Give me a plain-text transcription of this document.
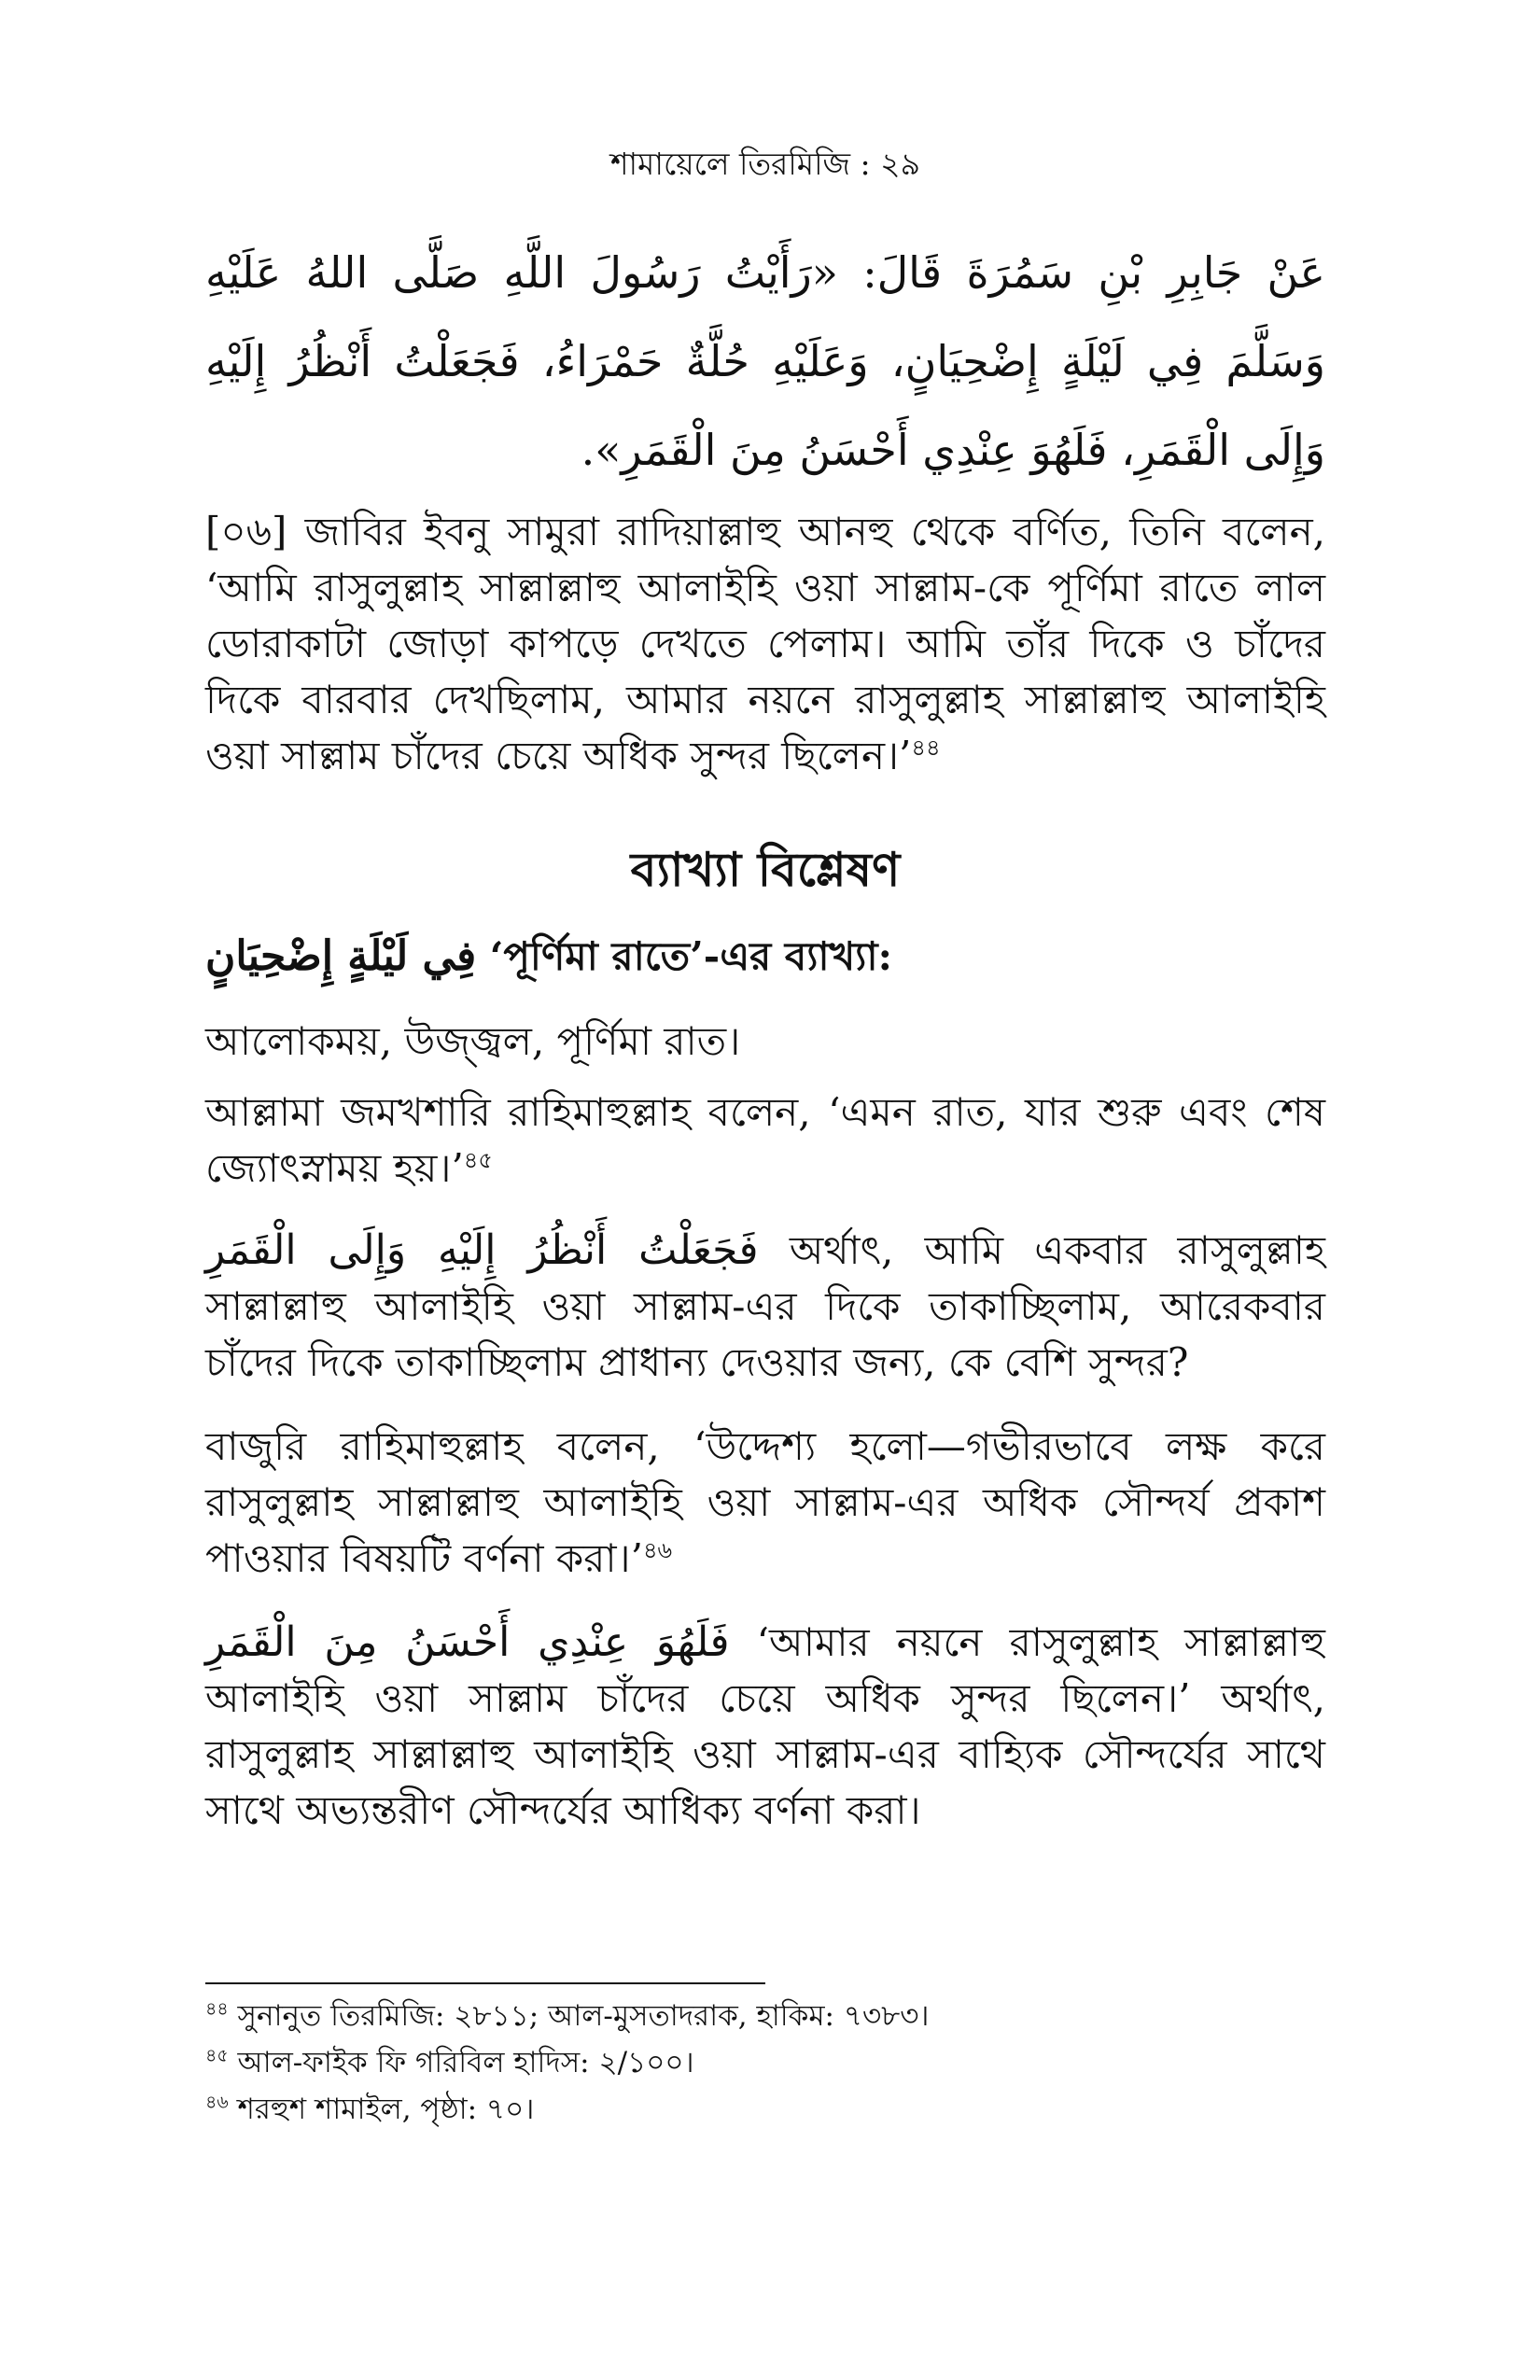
শামায়েলে তিরমিজি : ২৯
عَنْ جَابِرِ بْنِ سَمُرَةَ قَالَ: «رَأَيْتُ رَسُولَ اللَّهِ صَلَّى اللهُ عَلَيْهِ وَسَلَّمَ فِي لَيْلَةٍ إِضْحِيَانٍ، وَعَلَيْهِ حُلَّةٌ حَمْرَاءُ، فَجَعَلْتُ أَنْظُرُ إِلَيْهِ وَإِلَى الْقَمَرِ، فَلَهُوَ عِنْدِي أَحْسَنُ مِنَ الْقَمَرِ».

[০৬] জাবির ইবনু সামুরা রাদিয়াল্লাহু আনহু থেকে বর্ণিত, তিনি বলেন, ‘আমি রাসুলুল্লাহ সাল্লাল্লাহু আলাইহি ওয়া সাল্লাম-কে পূর্ণিমা রাতে লাল ডোরাকাটা জোড়া কাপড়ে দেখতে পেলাম। আমি তাঁর দিকে ও চাঁদের দিকে বারবার দেখছিলাম, আমার নয়নে রাসুলুল্লাহ সাল্লাল্লাহু আলাইহি ওয়া সাল্লাম চাঁদের চেয়ে অধিক সুন্দর ছিলেন।’$^{৪৪}$

ব্যাখ্যা বিশ্লেষণ
فِي لَيْلَةٍ إِضْحِيَانٍ ‘পূর্ণিমা রাতে’-এর ব্যাখ্যা:

আলোকময়, উজ্জ্বল, পূর্ণিমা রাত।

আল্লামা জমখশারি রাহিমাহুল্লাহ বলেন, ‘এমন রাত, যার শুরু এবং শেষ জ্যোৎস্নাময় হয়।’$^{৪৫}$

فَجَعَلْتُ أَنْظُرُ إِلَيْهِ وَإِلَى الْقَمَرِ অর্থাৎ, আমি একবার রাসুলুল্লাহ সাল্লাল্লাহু আলাইহি ওয়া সাল্লাম-এর দিকে তাকাচ্ছিলাম, আরেকবার চাঁদের দিকে তাকাচ্ছিলাম প্রাধান্য দেওয়ার জন্য, কে বেশি সুন্দর?

বাজুরি রাহিমাহুল্লাহ বলেন, ‘উদ্দেশ্য হলো—গভীরভাবে লক্ষ করে রাসুলুল্লাহ সাল্লাল্লাহু আলাইহি ওয়া সাল্লাম-এর অধিক সৌন্দর্য প্রকাশ পাওয়ার বিষয়টি বর্ণনা করা।’$^{৪৬}$

فَلَهُوَ عِنْدِي أَحْسَنُ مِنَ الْقَمَرِ ‘আমার নয়নে রাসুলুল্লাহ সাল্লাল্লাহু আলাইহি ওয়া সাল্লাম চাঁদের চেয়ে অধিক সুন্দর ছিলেন।’ অর্থাৎ, রাসুলুল্লাহ সাল্লাল্লাহু আলাইহি ওয়া সাল্লাম-এর বাহ্যিক সৌন্দর্যের সাথে সাথে অভ্যন্তরীণ সৌন্দর্যের আধিক্য বর্ণনা করা।

$^{৪৪}$ সুনানুত তিরমিজি: ২৮১১; আল-মুসতাদরাক, হাকিম: ৭৩৮৩।
$^{৪৫}$ আল-ফাইক ফি গরিবিল হাদিস: ২/১০০।
$^{৪৬}$ শরহুশ শামাইল, পৃষ্ঠা: ৭০।
